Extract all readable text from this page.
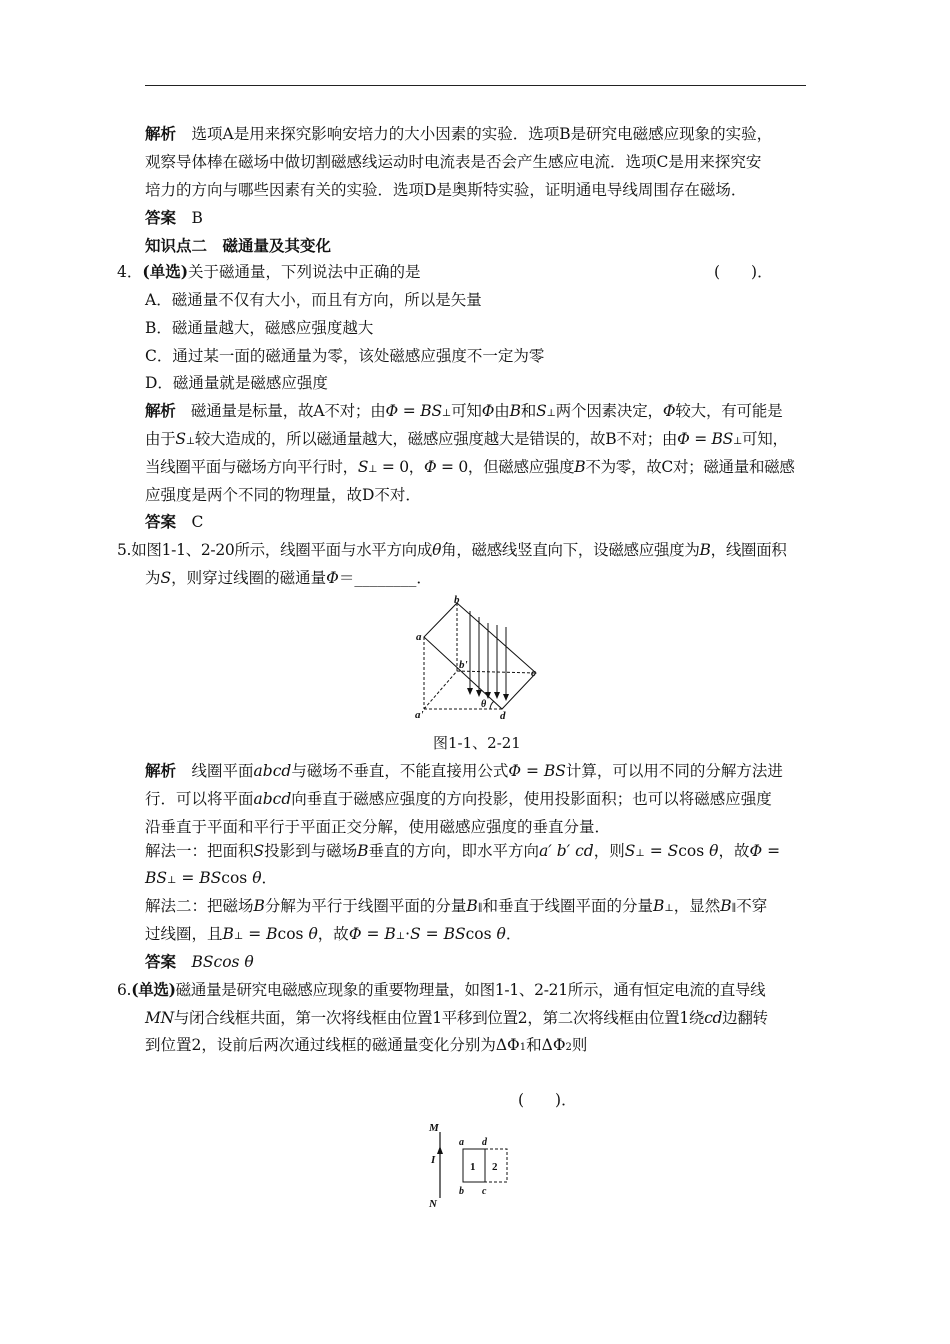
解析　 选项A是用来探究影响安培力的大小因素的实验．选项B是研究电磁感应现象的实验，
观察导体棒在磁场中做切割磁感线运动时电流表是否会产生感应电流．选项C是用来探究安
培力的方向与哪些因素有关的实验．选项D是奥斯特实验，证明通电导线周围存在磁场．
答案　 B
知识点二　磁通量及其变化
4．(单选)关于磁通量，下列说法中正确的是	(　　)．
A．磁通量不仅有大小，而且有方向，所以是矢量
B．磁通量越大，磁感应强度越大
C．通过某一面的磁通量为零，该处磁感应强度不一定为零
D．磁通量就是磁感应强度
解析　 磁通量是标量，故A不对；由Φ = BS⊥可知Φ由B和S⊥两个因素决定，Φ较大，有可能是
由于S⊥较大造成的，所以磁通量越大，磁感应强度越大是错误的，故B不对；由Φ = BS⊥可知，
当线圈平面与磁场方向平行时，S⊥ = 0，Φ = 0，但磁感应强度B不为零，故C对；磁通量和磁感
应强度是两个不同的物理量，故D不对．
答案　 C
5.如图1-1、2-20所示，线圈平面与水平方向成θ角，磁感线竖直向下，设磁感应强度为B，线圈面积
为S，则穿过线圈的磁通量Φ＝________．
b
a
c
d
b'
a'
θ
图1-1、2-21
解析　 线圈平面abcd与磁场不垂直，不能直接用公式Φ = BS计算，可以用不同的分解方法进
行．可以将平面abcd向垂直于磁感应强度的方向投影，使用投影面积；也可以将磁感应强度
沿垂直于平面和平行于平面正交分解，使用磁感应强度的垂直分量．
解法一：把面积S投影到与磁场B垂直的方向，即水平方向a′ b′ cd，则S⊥ = Scos θ，故Φ =
BS⊥ = BScos θ．
解法二：把磁场B分解为平行于线圈平面的分量B∥和垂直于线圈平面的分量B⊥，显然B∥不穿
过线圈，且B⊥ = Bcos θ，故Φ = B⊥·S = BScos θ．
答案　 BScos θ
6.(单选)磁通量是研究电磁感应现象的重要物理量，如图1-1、2-21所示，通有恒定电流的直导线
MN与闭合线框共面，第一次将线框由位置1平移到位置2，第二次将线框由位置1绕cd边翻转
到位置2，设前后两次通过线框的磁通量变化分别为ΔΦ1和ΔΦ2则
(　　)．
M
N
I
a d
b c
1 2
